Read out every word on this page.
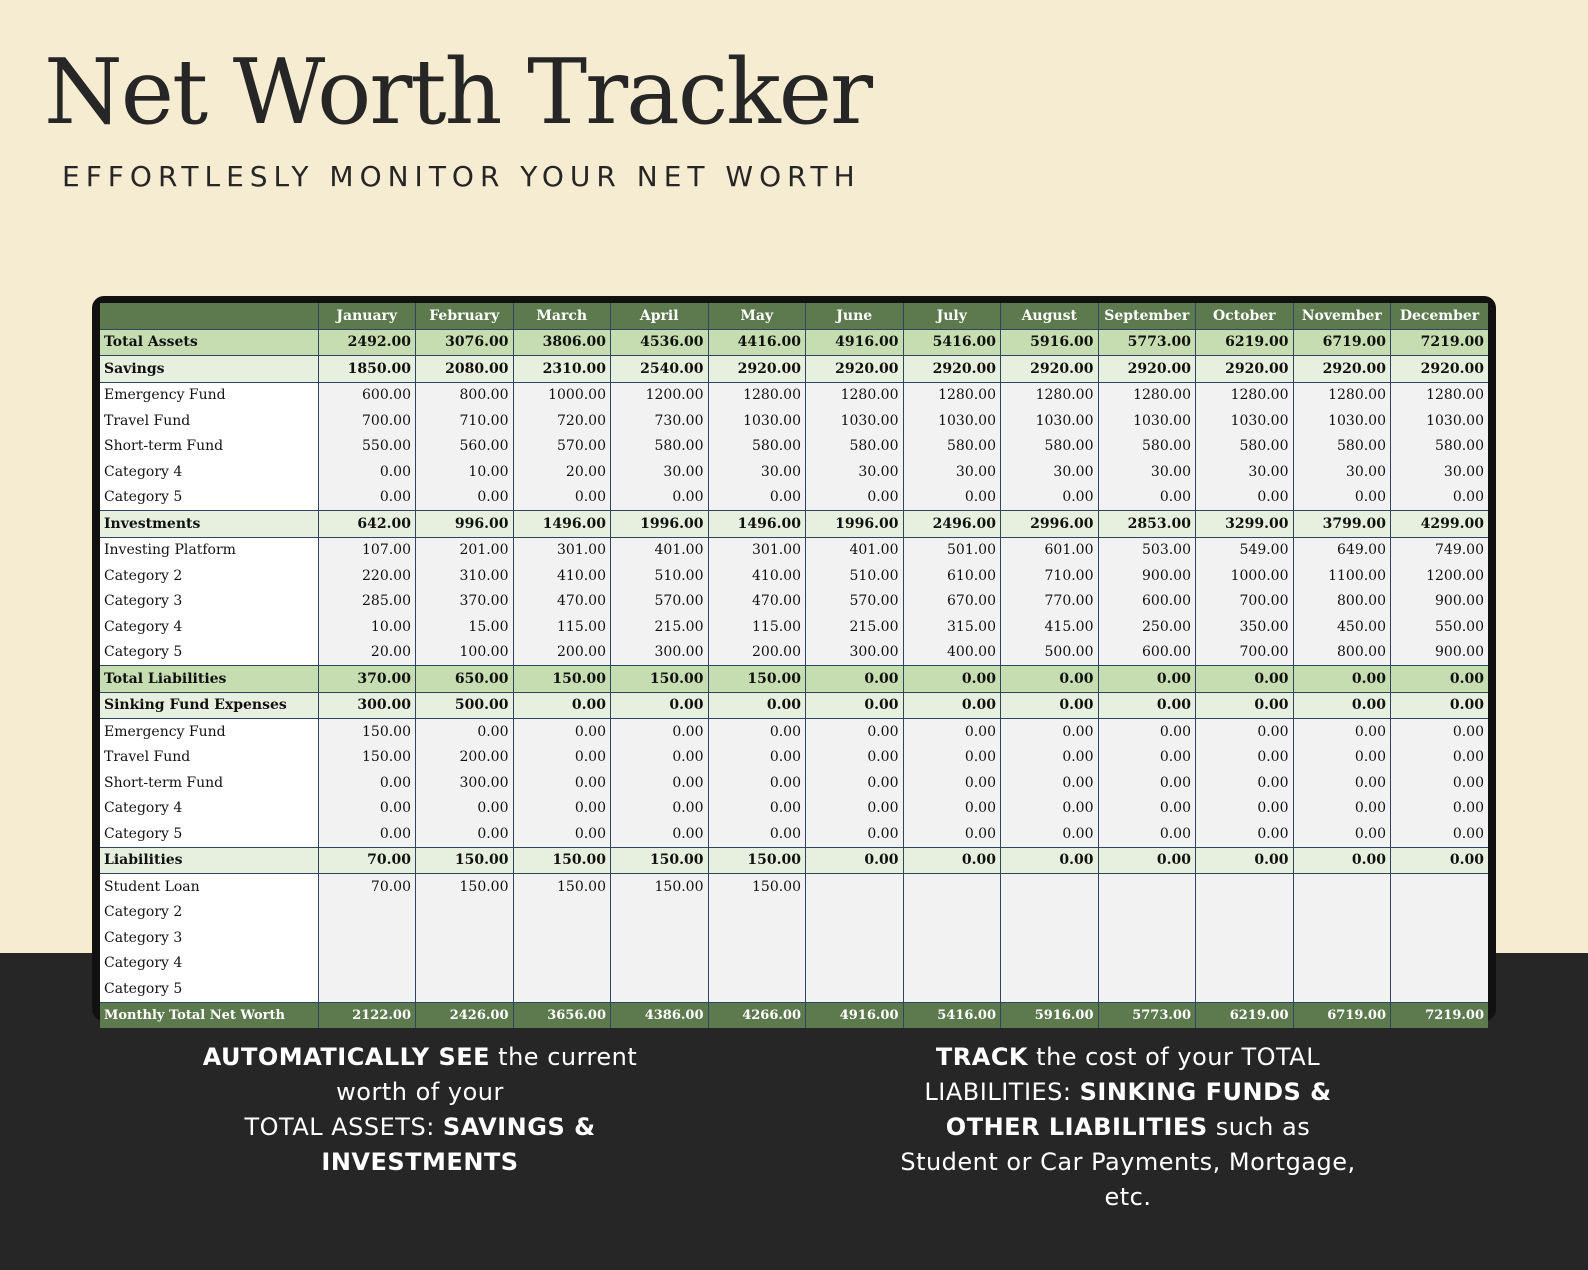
Net Worth Tracker
EFFORTLESLY MONITOR YOUR NET WORTH
	January	February	March	April	May	June	July	August	September	October	November	December
Total Assets	2492.00	3076.00	3806.00	4536.00	4416.00	4916.00	5416.00	5916.00	5773.00	6219.00	6719.00	7219.00
Savings	1850.00	2080.00	2310.00	2540.00	2920.00	2920.00	2920.00	2920.00	2920.00	2920.00	2920.00	2920.00
Emergency Fund	600.00	800.00	1000.00	1200.00	1280.00	1280.00	1280.00	1280.00	1280.00	1280.00	1280.00	1280.00
Travel Fund	700.00	710.00	720.00	730.00	1030.00	1030.00	1030.00	1030.00	1030.00	1030.00	1030.00	1030.00
Short-term Fund	550.00	560.00	570.00	580.00	580.00	580.00	580.00	580.00	580.00	580.00	580.00	580.00
Category 4	0.00	10.00	20.00	30.00	30.00	30.00	30.00	30.00	30.00	30.00	30.00	30.00
Category 5	0.00	0.00	0.00	0.00	0.00	0.00	0.00	0.00	0.00	0.00	0.00	0.00
Investments	642.00	996.00	1496.00	1996.00	1496.00	1996.00	2496.00	2996.00	2853.00	3299.00	3799.00	4299.00
Investing Platform	107.00	201.00	301.00	401.00	301.00	401.00	501.00	601.00	503.00	549.00	649.00	749.00
Category 2	220.00	310.00	410.00	510.00	410.00	510.00	610.00	710.00	900.00	1000.00	1100.00	1200.00
Category 3	285.00	370.00	470.00	570.00	470.00	570.00	670.00	770.00	600.00	700.00	800.00	900.00
Category 4	10.00	15.00	115.00	215.00	115.00	215.00	315.00	415.00	250.00	350.00	450.00	550.00
Category 5	20.00	100.00	200.00	300.00	200.00	300.00	400.00	500.00	600.00	700.00	800.00	900.00
Total Liabilities	370.00	650.00	150.00	150.00	150.00	0.00	0.00	0.00	0.00	0.00	0.00	0.00
Sinking Fund Expenses	300.00	500.00	0.00	0.00	0.00	0.00	0.00	0.00	0.00	0.00	0.00	0.00
Emergency Fund	150.00	0.00	0.00	0.00	0.00	0.00	0.00	0.00	0.00	0.00	0.00	0.00
Travel Fund	150.00	200.00	0.00	0.00	0.00	0.00	0.00	0.00	0.00	0.00	0.00	0.00
Short-term Fund	0.00	300.00	0.00	0.00	0.00	0.00	0.00	0.00	0.00	0.00	0.00	0.00
Category 4	0.00	0.00	0.00	0.00	0.00	0.00	0.00	0.00	0.00	0.00	0.00	0.00
Category 5	0.00	0.00	0.00	0.00	0.00	0.00	0.00	0.00	0.00	0.00	0.00	0.00
Liabilities	70.00	150.00	150.00	150.00	150.00	0.00	0.00	0.00	0.00	0.00	0.00	0.00
Student Loan	70.00	150.00	150.00	150.00	150.00							
Category 2												
Category 3												
Category 4												
Category 5												
Monthly Total Net Worth	2122.00	2426.00	3656.00	4386.00	4266.00	4916.00	5416.00	5916.00	5773.00	6219.00	6719.00	7219.00

AUTOMATICALLY SEE the current worth of your
TOTAL ASSETS: SAVINGS & INVESTMENTS

TRACK the cost of your TOTAL LIABILITIES: SINKING FUNDS & OTHER LIABILITIES such as Student or Car Payments, Mortgage, etc.
